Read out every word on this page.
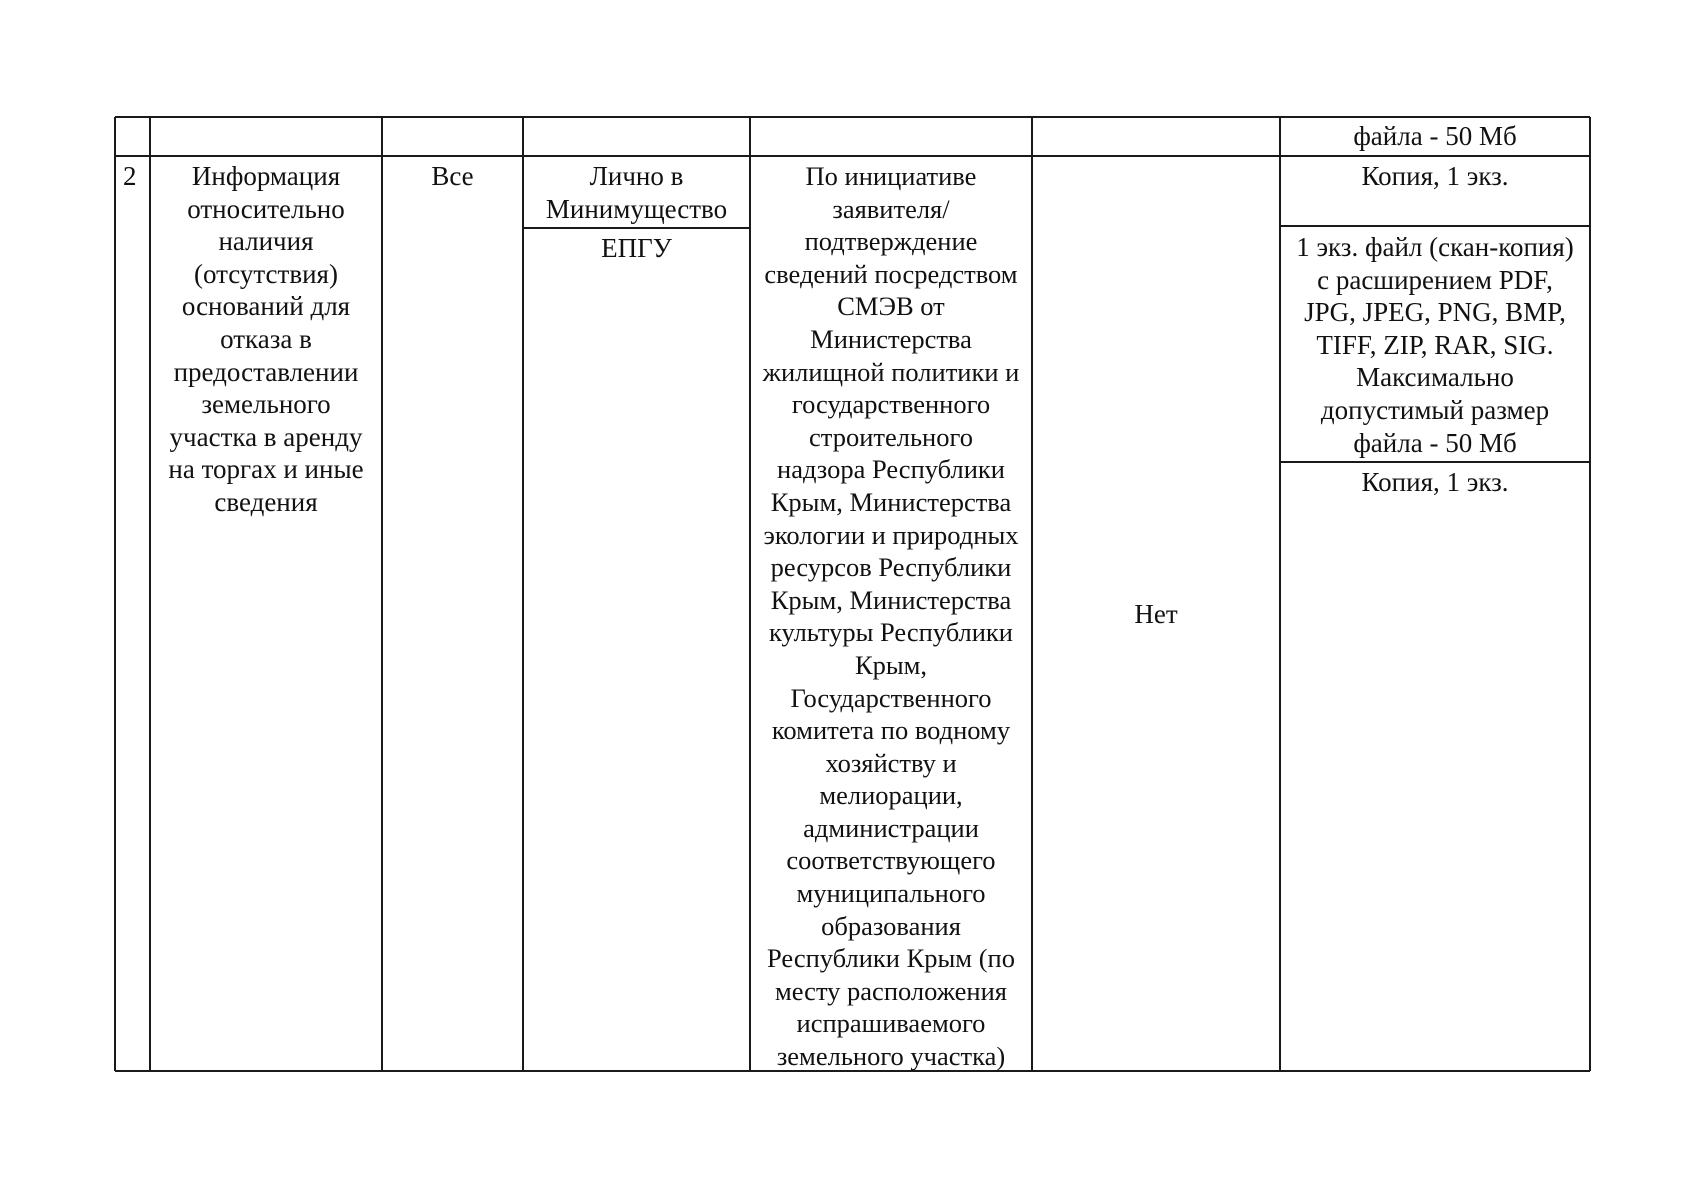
файла - 50 Мб
2	Информация
относительно
наличия
(отсутствия)
оснований для
отказа в
предоставлении
земельного
участка в аренду
на торгах и иные
сведения
Все	Лично в
Минимущество
ЕПГУ
По инициативе
заявителя/
подтверждение
сведений посредством
СМЭВ от
Министерства
жилищной политики и
государственного
строительного
надзора Республики
Крым, Министерства
экологии и природных
ресурсов Республики
Крым, Министерства
культуры Республики
Крым,
Государственного
комитета по водному
хозяйству и
мелиорации,
администрации
соответствующего
муниципального
образования
Республики Крым (по
месту расположения
испрашиваемого
земельного участка)
Нет
Копия, 1 экз.
1 экз. файл (скан-копия)
с расширением PDF,
JPG, JPEG, PNG, BMP,
TIFF, ZIP, RAR, SIG.
Максимально
допустимый размер
файла - 50 Мб
Копия, 1 экз.
